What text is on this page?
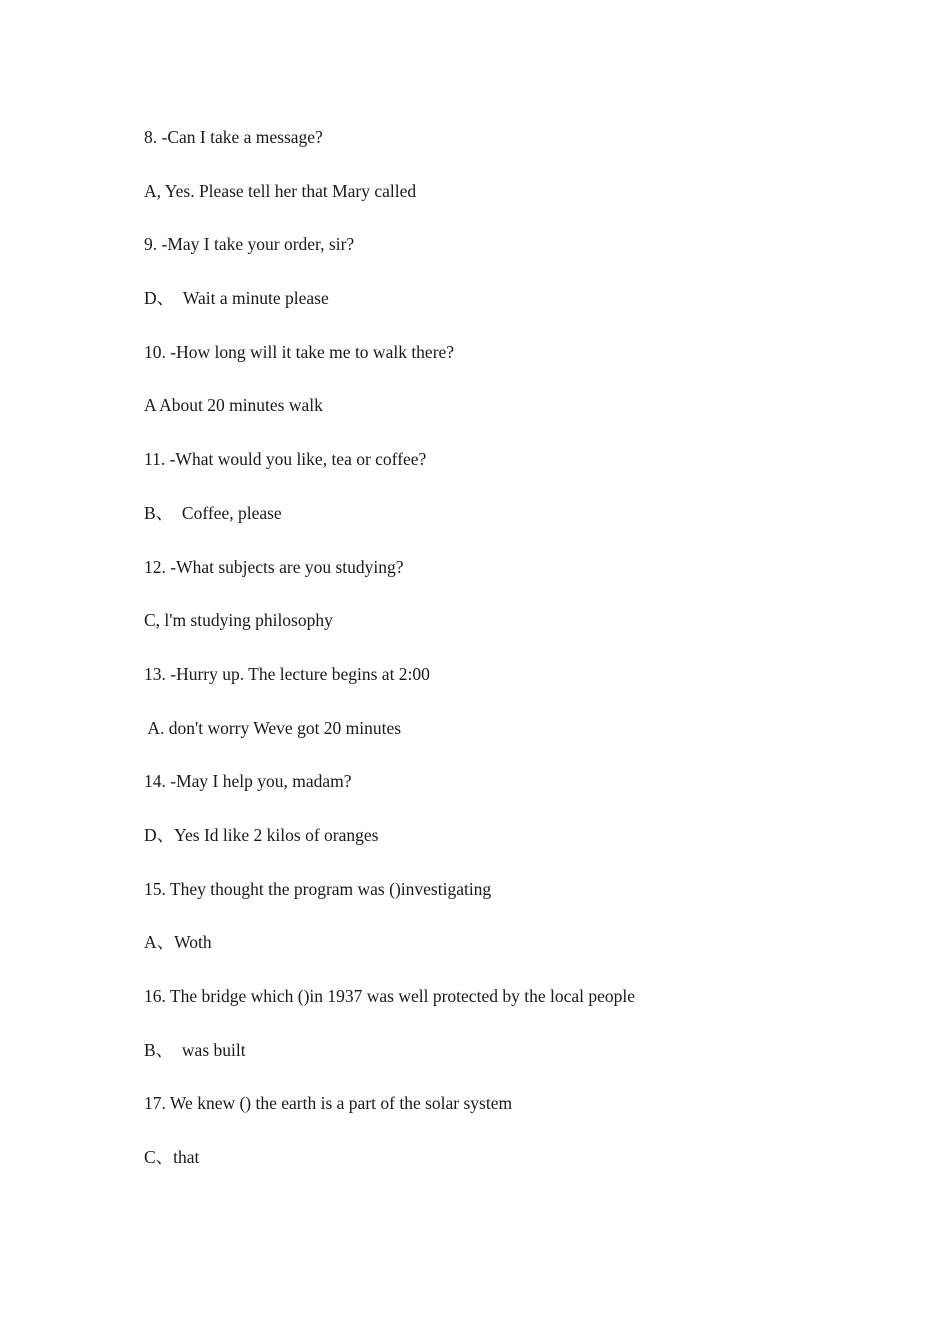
8. -Can I take a message?

A, Yes. Please tell her that Mary called

9. -May I take your order, sir?

D、  Wait a minute please

10. -How long will it take me to walk there?

A About 20 minutes walk

11. -What would you like, tea or coffee?

B、  Coffee, please

12. -What subjects are you studying?

C, l'm studying philosophy

13. -Hurry up. The lecture begins at 2:00

A. don't worry Weve got 20 minutes

14. -May I help you, madam?

D、Yes Id like 2 kilos of oranges

15. They thought the program was ()investigating

A、Woth

16. The bridge which ()in 1937 was well protected by the local people

B、  was built

17. We knew () the earth is a part of the solar system

C、that
